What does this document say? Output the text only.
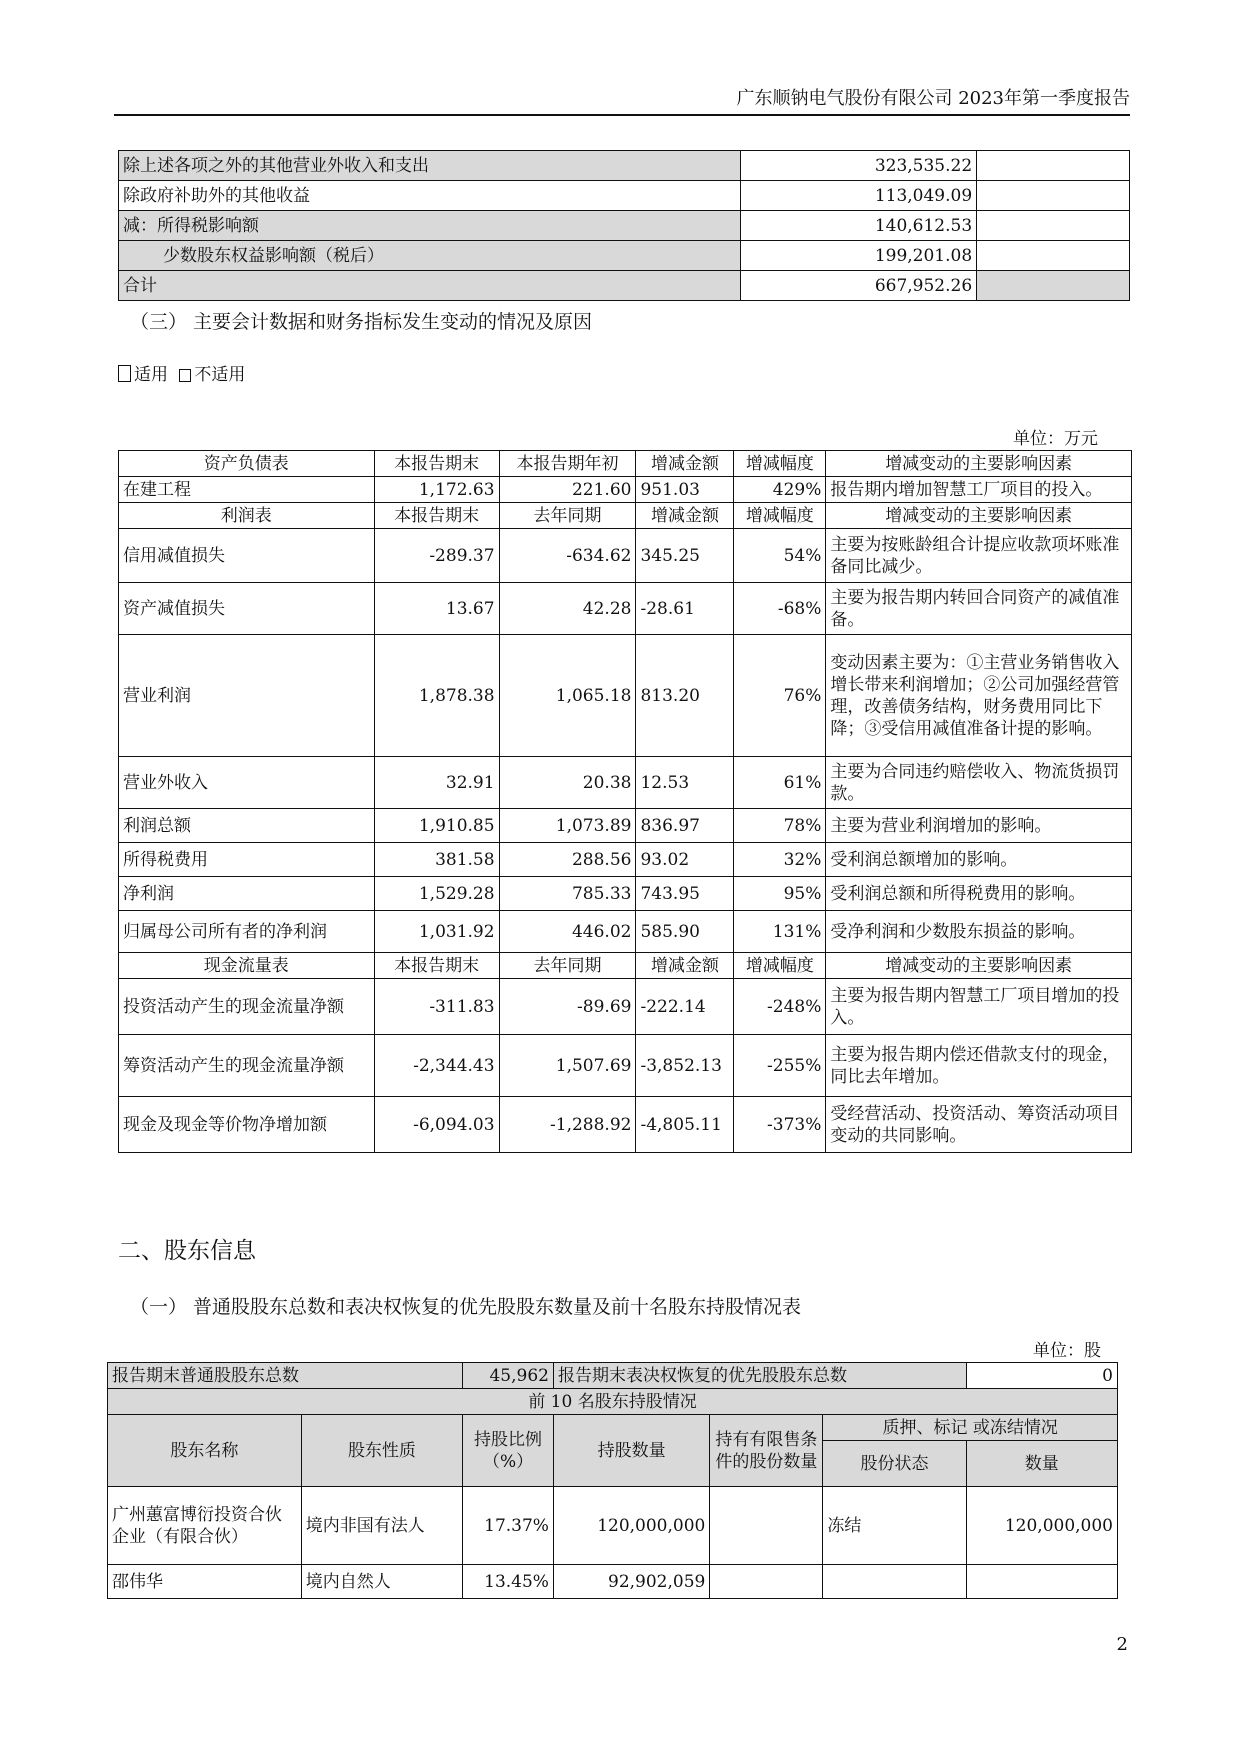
广东顺钠电气股份有限公司 2023年第一季度报告
除上述各项之外的其他营业外收入和支出	323,535.22	
除政府补助外的其他收益	113,049.09	
减：所得税影响额	140,612.53	
少数股东权益影响额（税后）	199,201.08	
合计	667,952.26	
（三） 主要会计数据和财务指标发生变动的情况及原因
适用 不适用
单位：万元
资产负债表	本报告期末	本报告期年初	增减金额	增减幅度	增减变动的主要影响因素
在建工程	1,172.63	221.60	951.03	429%	报告期内增加智慧工厂项目的投入。
利润表	本报告期末	去年同期	增减金额	增减幅度	增减变动的主要影响因素
信用减值损失	-289.37	-634.62	345.25	54%	主要为按账龄组合计提应收款项坏账准备同比减少。
资产减值损失	13.67	42.28	-28.61	-68%	主要为报告期内转回合同资产的减值准备。
营业利润	1,878.38	1,065.18	813.20	76%	变动因素主要为：①主营业务销售收入增长带来利润增加；②公司加强经营管理，改善债务结构，财务费用同比下降；③受信用减值准备计提的影响。
营业外收入	32.91	20.38	12.53	61%	主要为合同违约赔偿收入、物流货损罚款。
利润总额	1,910.85	1,073.89	836.97	78%	主要为营业利润增加的影响。
所得税费用	381.58	288.56	93.02	32%	受利润总额增加的影响。
净利润	1,529.28	785.33	743.95	95%	受利润总额和所得税费用的影响。
归属母公司所有者的净利润	1,031.92	446.02	585.90	131%	受净利润和少数股东损益的影响。
现金流量表	本报告期末	去年同期	增减金额	增减幅度	增减变动的主要影响因素
投资活动产生的现金流量净额	-311.83	-89.69	-222.14	-248%	主要为报告期内智慧工厂项目增加的投入。
筹资活动产生的现金流量净额	-2,344.43	1,507.69	-3,852.13	-255%	主要为报告期内偿还借款支付的现金，同比去年增加。
现金及现金等价物净增加额	-6,094.03	-1,288.92	-4,805.11	-373%	受经营活动、投资活动、筹资活动项目变动的共同影响。
二、股东信息
（一） 普通股股东总数和表决权恢复的优先股股东数量及前十名股东持股情况表
单位：股
报告期末普通股股东总数		45,962	报告期末表决权恢复的优先股股东总数			0
前 10 名股东持股情况						
股东名称	股东性质	持股比例（%）	持股数量	持有有限售条件的股份数量	质押、标记 或冻结情况	
					股份状态	数量
广州蕙富博衍投资合伙企业（有限合伙）	境内非国有法人	17.37%	120,000,000		冻结	120,000,000
邵伟华	境内自然人	13.45%	92,902,059			
2
